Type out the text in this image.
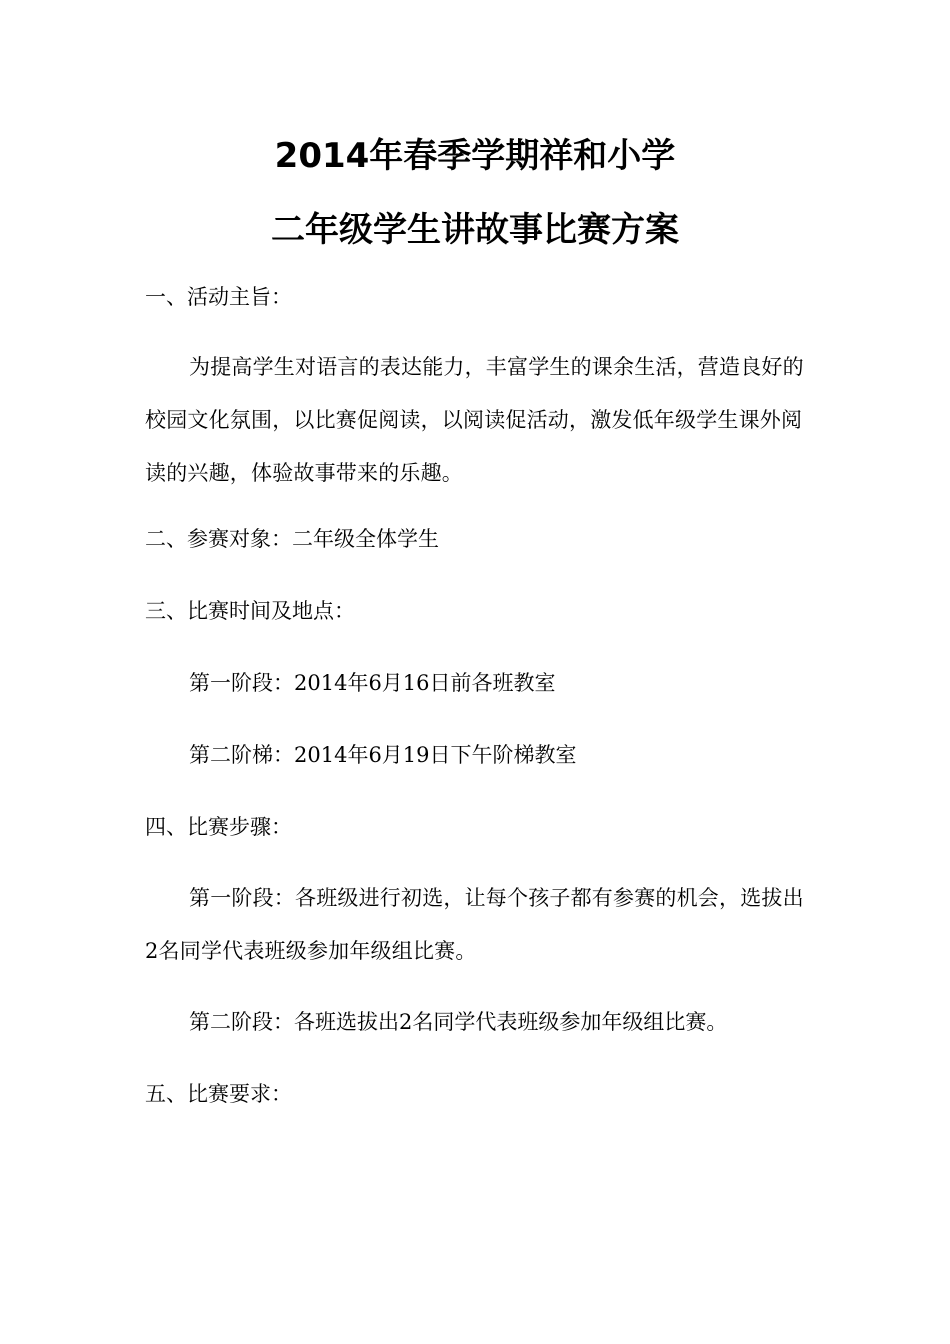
2014年春季学期祥和小学
二年级学生讲故事比赛方案
一、活动主旨：
为提高学生对语言的表达能力，丰富学生的课余生活，营造良好的校园文化氛围，以比赛促阅读，以阅读促活动，激发低年级学生课外阅读的兴趣，体验故事带来的乐趣。
二、参赛对象：二年级全体学生
三、比赛时间及地点：
第一阶段：2014年6月16日前各班教室
第二阶梯：2014年6月19日下午阶梯教室
四、比赛步骤：
第一阶段：各班级进行初选，让每个孩子都有参赛的机会，选拔出2名同学代表班级参加年级组比赛。
第二阶段：各班选拔出2名同学代表班级参加年级组比赛。
五、比赛要求：
